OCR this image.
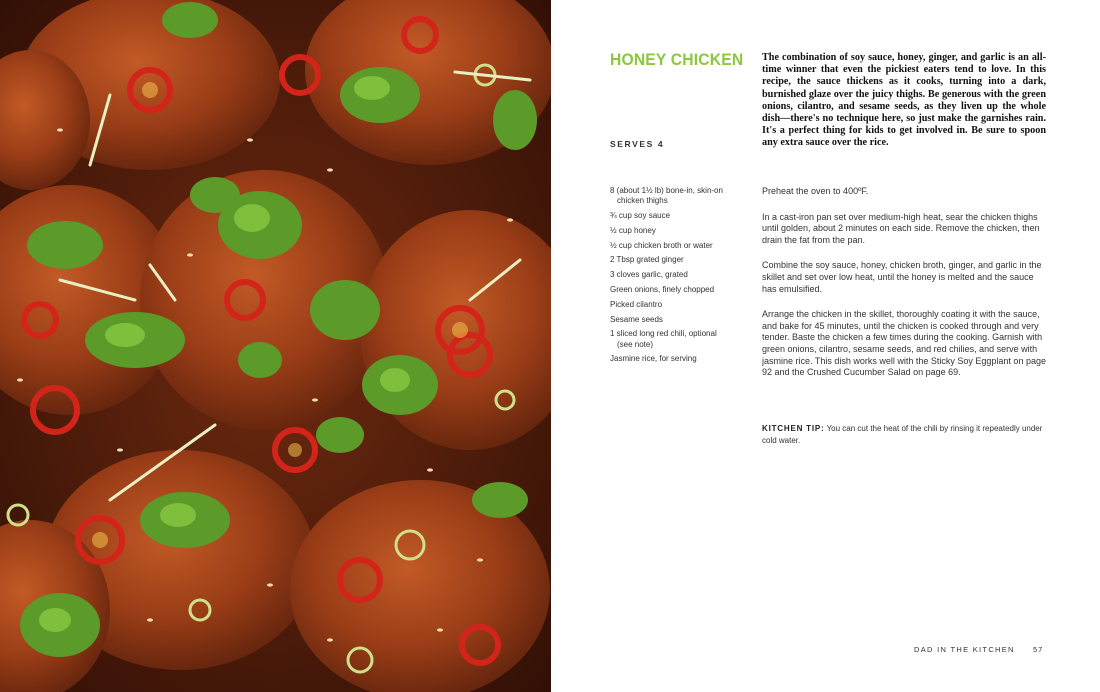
HONEY CHICKEN
SERVES 4
The combination of soy sauce, honey, ginger, and garlic is an all-time winner that even the pickiest eaters tend to love. In this recipe, the sauce thickens as it cooks, turning into a dark, burnished glaze over the juicy thighs. Be generous with the green onions, cilantro, and sesame seeds, as they liven up the whole dish—there's no technique here, so just make the garnishes rain. It's a perfect thing for kids to get involved in. Be sure to spoon any extra sauce over the rice.
8 (about 1½ lb) bone-in, skin-on chicken thighs
¾ cup soy sauce
½ cup honey
½ cup chicken broth or water
2 Tbsp grated ginger
3 cloves garlic, grated
Green onions, finely chopped
Picked cilantro
Sesame seeds
1 sliced long red chili, optional (see note)
Jasmine rice, for serving

Preheat the oven to 400ºF.

In a cast-iron pan set over medium-high heat, sear the chicken thighs until golden, about 2 minutes on each side. Remove the chicken, then drain the fat from the pan.

Combine the soy sauce, honey, chicken broth, ginger, and garlic in the skillet and set over low heat, until the honey is melted and the sauce has emulsified.

Arrange the chicken in the skillet, thoroughly coating it with the sauce, and bake for 45 minutes, until the chicken is cooked through and very tender. Baste the chicken a few times during the cooking. Garnish with green onions, cilantro, sesame seeds, and red chilies, and serve with jasmine rice. This dish works well with the Sticky Soy Eggplant on page 92 and the Crushed Cucumber Salad on page 69.

KITCHEN TIP: You can cut the heat of the chili by rinsing it repeatedly under cold water.
DAD IN THE KITCHEN 57
